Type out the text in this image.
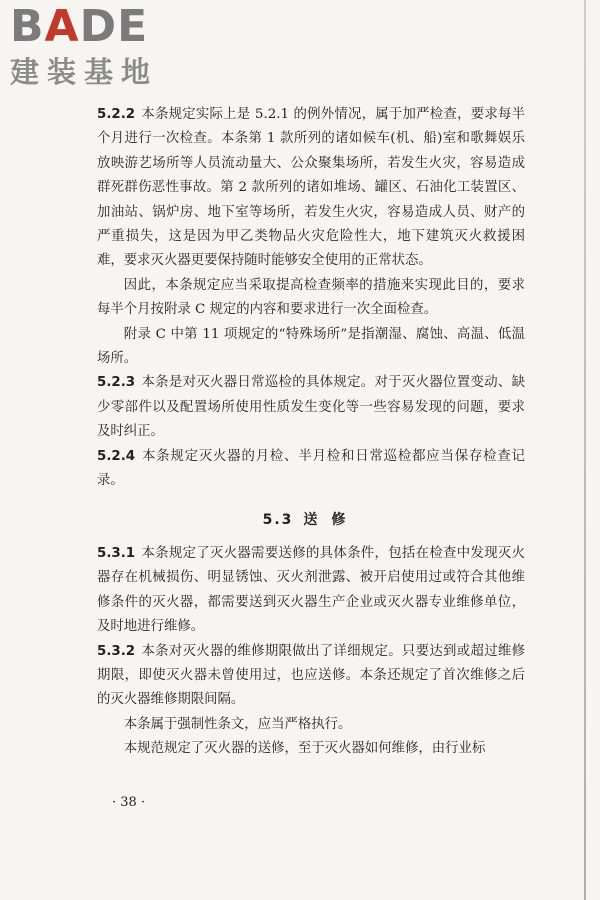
BADE
建装基地

5.2.2 本条规定实际上是 5.2.1 的例外情况，属于加严检查，要求每半个月进行一次检查。本条第 1 款所列的诸如候车(机、船)室和歌舞娱乐放映游艺场所等人员流动量大、公众聚集场所，若发生火灾，容易造成群死群伤恶性事故。第 2 款所列的诸如堆场、罐区、石油化工装置区、加油站、锅炉房、地下室等场所，若发生火灾，容易造成人员、财产的严重损失，这是因为甲乙类物品火灾危险性大，地下建筑灭火救援困难，要求灭火器更要保持随时能够安全使用的正常状态。

因此，本条规定应当采取提高检查频率的措施来实现此目的，要求每半个月按附录 C 规定的内容和要求进行一次全面检查。

附录 C 中第 11 项规定的“特殊场所”是指潮湿、腐蚀、高温、低温场所。

5.2.3 本条是对灭火器日常巡检的具体规定。对于灭火器位置变动、缺少零部件以及配置场所使用性质发生变化等一些容易发现的问题，要求及时纠正。

5.2.4 本条规定灭火器的月检、半月检和日常巡检都应当保存检查记录。

5.3 送修

5.3.1 本条规定了灭火器需要送修的具体条件，包括在检查中发现灭火器存在机械损伤、明显锈蚀、灭火剂泄露、被开启使用过或符合其他维修条件的灭火器，都需要送到灭火器生产企业或灭火器专业维修单位，及时地进行维修。

5.3.2 本条对灭火器的维修期限做出了详细规定。只要达到或超过维修期限，即使灭火器未曾使用过，也应送修。本条还规定了首次维修之后的灭火器维修期限间隔。

本条属于强制性条文，应当严格执行。

本规范规定了灭火器的送修，至于灭火器如何维修，由行业标

· 38 ·
